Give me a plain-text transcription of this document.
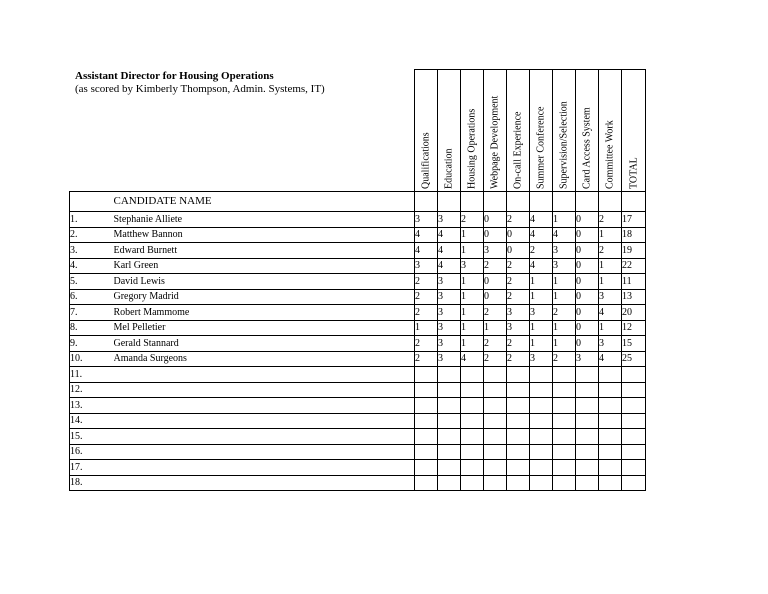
		Qualifications	Education	Housing Operations	Webpage Development	On-call Experience	Summer Conference	Supervision/Selection	Card Access System	Committee Work	TOTAL

	CANDIDATE NAME										
1.	Stephanie Alliete	3	3	2	0	2	4	1	0	2	17
2.	Matthew Bannon	4	4	1	0	0	4	4	0	1	18
3.	Edward Burnett	4	4	1	3	0	2	3	0	2	19
4.	Karl Green	3	4	3	2	2	4	3	0	1	22
5.	David Lewis	2	3	1	0	2	1	1	0	1	11
6.	Gregory Madrid	2	3	1	0	2	1	1	0	3	13
7.	Robert Mammome	2	3	1	2	3	3	2	0	4	20
8.	Mel Pelletier	1	3	1	1	3	1	1	0	1	12
9.	Gerald Stannard	2	3	1	2	2	1	1	0	3	15
10.	Amanda Surgeons	2	3	4	2	2	3	2	3	4	25
11.											
12.											
13.											
14.											
15.											
16.											
17.											
18.											
Assistant Director for Housing Operations
(as scored by Kimberly Thompson, Admin. Systems, IT)
